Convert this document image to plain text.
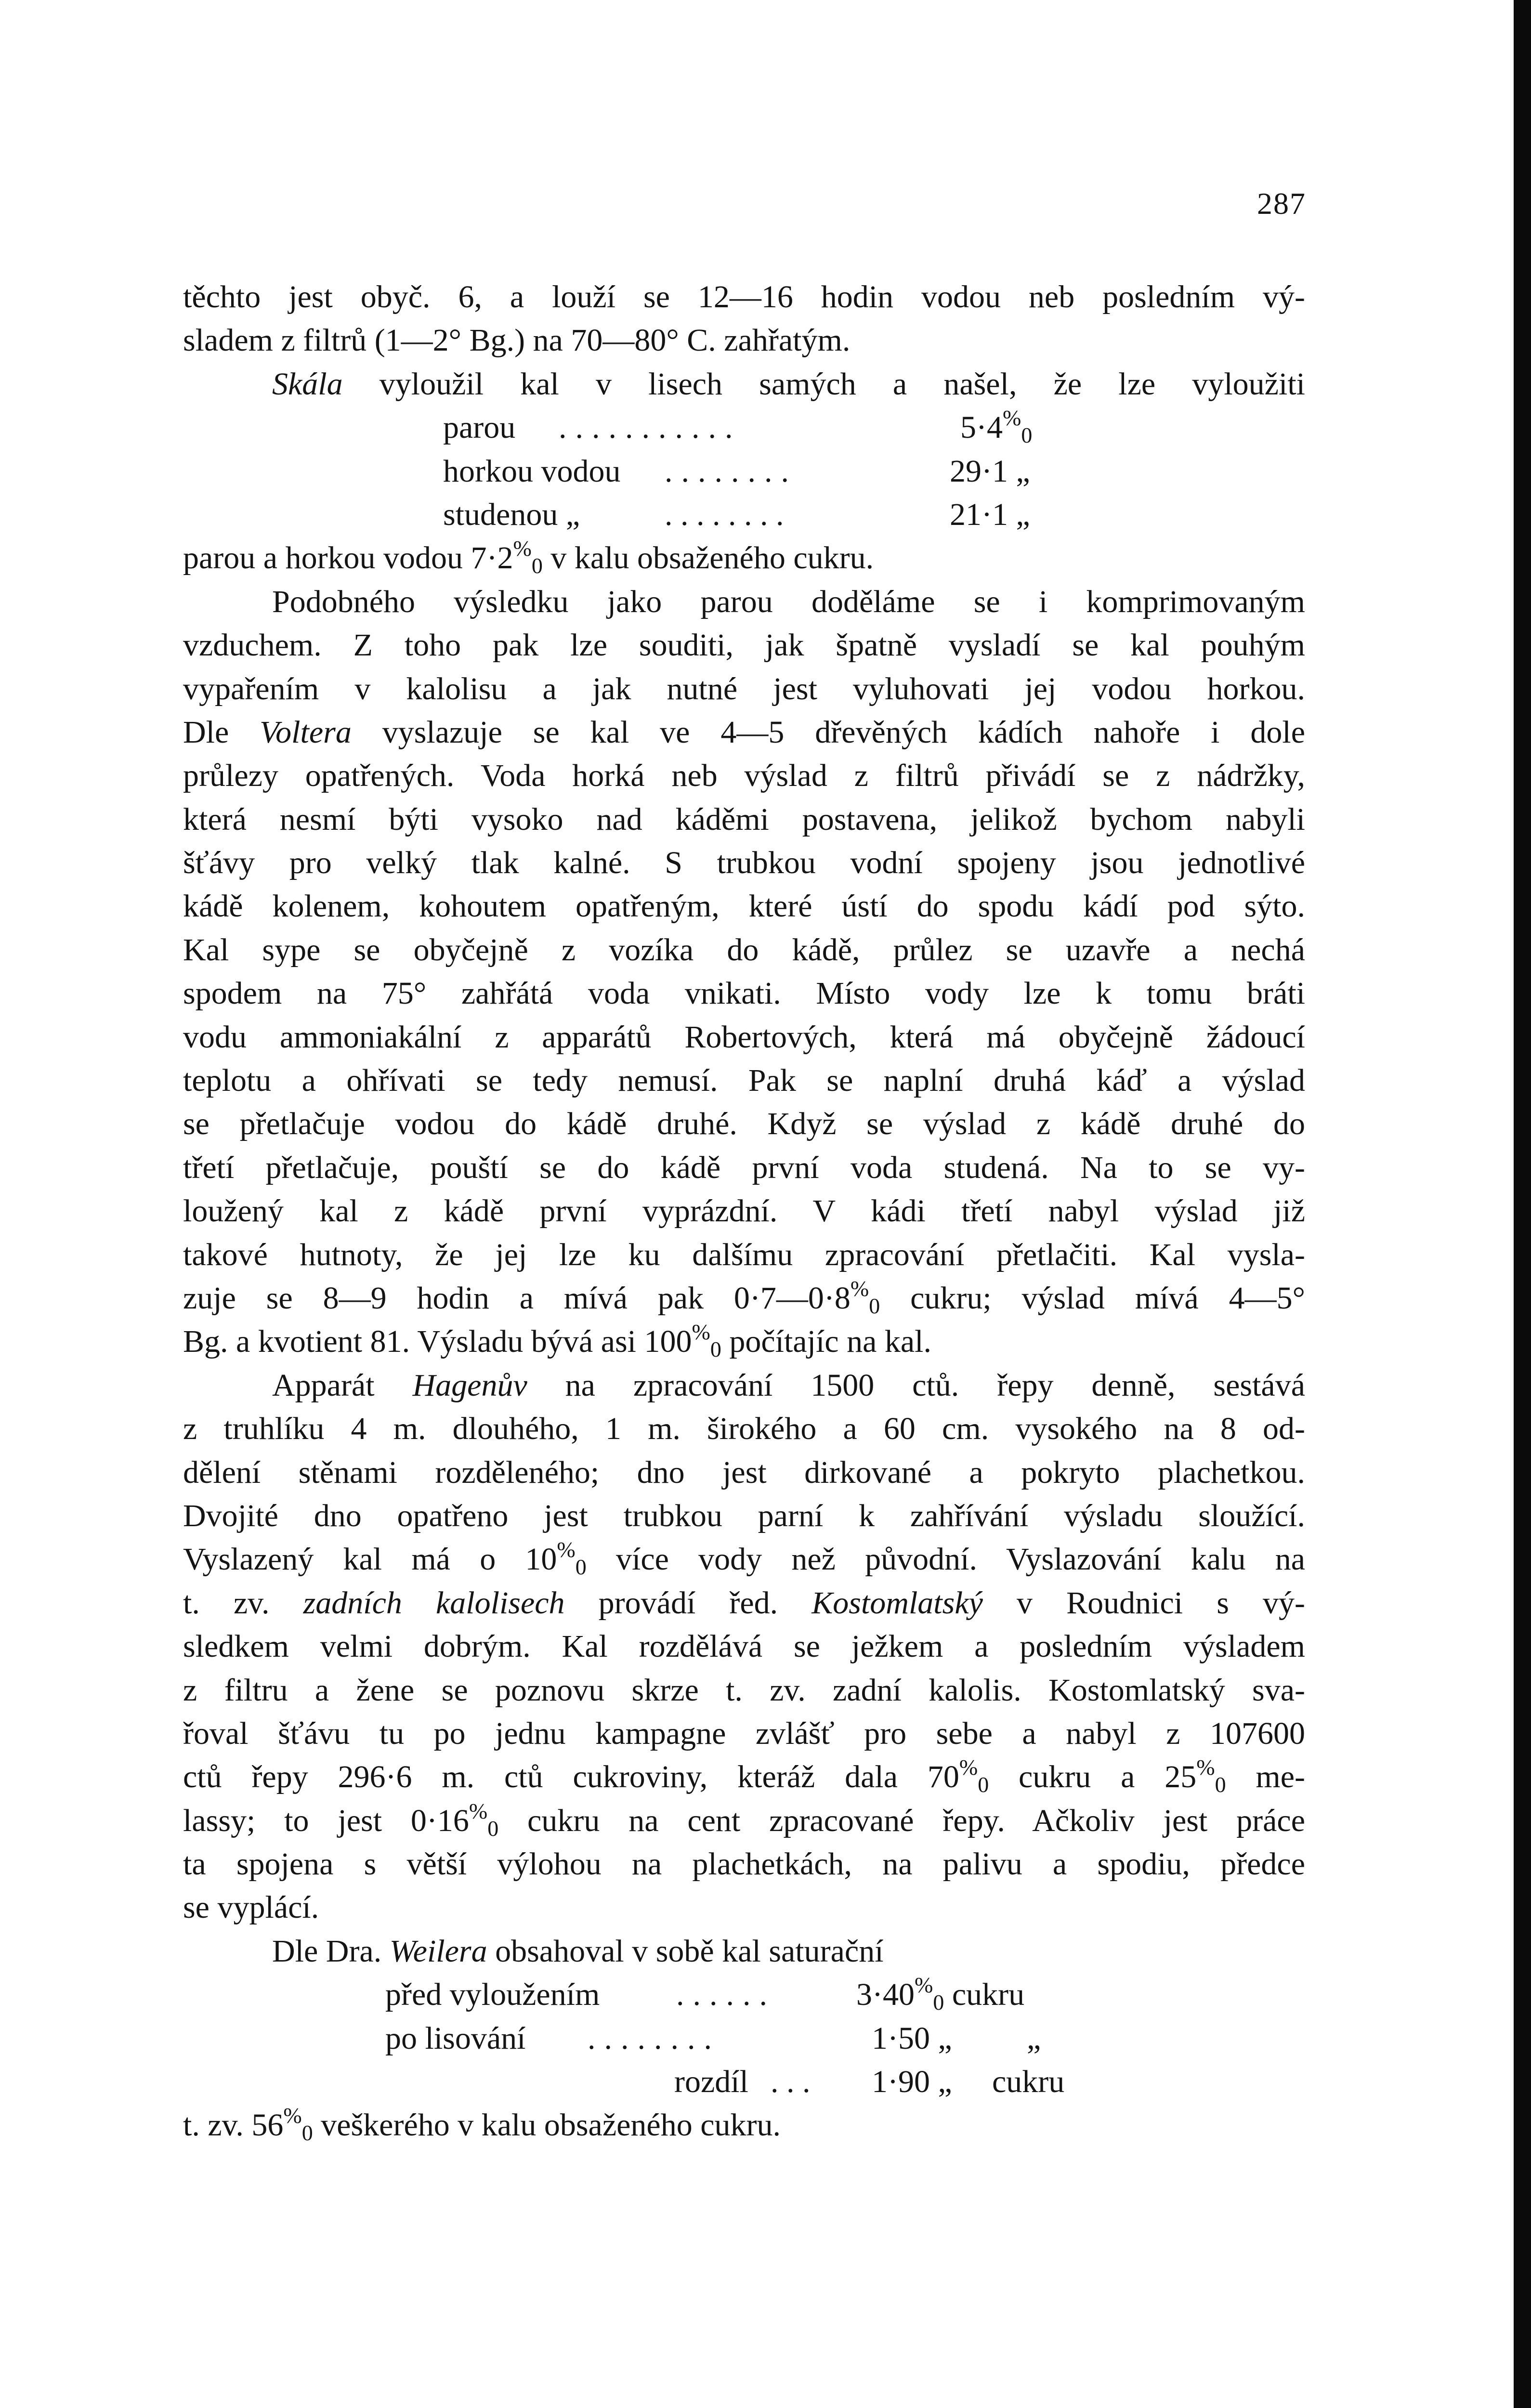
287
těchto jest obyč. 6, a louží se 12—16 hodin vodou neb posledním vý-
sladem z filtrů (1—2° Bg.) na 70—80° C. zahřatým.
Skála vyloužil kal v lisech samých a našel, že lze vyloužiti
parou ...........	$5\cdot 4^{\%}_0$
horkou vodou ........	29·1 „
studenou „	. . . . . . . .	21·1 „
parou a horkou vodou $7\cdot 2^{\%}_0$ v kalu obsaženého cukru.
Podobného výsledku jako parou doděláme se i komprimovaným
vzduchem. Z toho pak lze souditi, jak špatně vysladí se kal pouhým
vypařením v kalolisu a jak nutné jest vyluhovati jej vodou horkou.
Dle Voltera vyslazuje se kal ve 4—5 dřevěných kádích nahoře i dole
průlezy opatřených. Voda horká neb výslad z filtrů přivádí se z nádržky,
která nesmí býti vysoko nad káděmi postavena, jelikož bychom nabyli
šťávy pro velký tlak kalné. S trubkou vodní spojeny jsou jednotlivé
kádě kolenem, kohoutem opatřeným, které ústí do spodu kádí pod sýto.
Kal sype se obyčejně z vozíka do kádě, průlez se uzavře a nechá
spodem na 75° zahřátá voda vnikati. Místo vody lze k tomu bráti
vodu ammoniakální z apparátů Robertových, která má obyčejně žádoucí
teplotu a ohřívati se tedy nemusí. Pak se naplní druhá káď a výslad
se přetlačuje vodou do kádě druhé. Když se výslad z kádě druhé do
třetí přetlačuje, pouští se do kádě první voda studená. Na to se vy-
loužený kal z kádě první vyprázdní. V kádi třetí nabyl výslad již
takové hutnoty, že jej lze ku dalšímu zpracování přetlačiti. Kal vysla-
zuje se 8—9 hodin a mívá pak $0\cdot 7—0\cdot 8^{\%}_0$ cukru; výslad mívá 4—5°
Bg. a kvotient 81. Výsladu bývá asi $100^{\%}_0$ počítajíc na kal.
Apparát Hagenův na zpracování 1500 ctů. řepy denně, sestává
z truhlíku 4 m. dlouhého, 1 m. širokého a 60 cm. vysokého na 8 od-
dělení stěnami rozděleného; dno jest dirkované a pokryto plachetkou.
Dvojité dno opatřeno jest trubkou parní k zahřívání výsladu sloužící.
Vyslazený kal má o $10^{\%}_0$ více vody než původní. Vyslazování kalu na
t. zv. zadních kalolisech provádí řed. Kostomlatský v Roudnici s vý-
sledkem velmi dobrým. Kal rozdělává se ježkem a posledním výsladem
z filtru a žene se poznovu skrze t. zv. zadní kalolis. Kostomlatský sva-
řoval šťávu tu po jednu kampagne zvlášť pro sebe a nabyl z 107600
ctů řepy 296·6 m. ctů cukroviny, kteráž dala $70^{\%}_0$ cukru a $25^{\%}_0$ me-
lassy; to jest $0\cdot 16^{\%}_0$ cukru na cent zpracované řepy. Ačkoliv jest práce
ta spojena s větší výlohou na plachetkách, na palivu a spodiu, předce
se vyplácí.
Dle Dra. Weilera obsahoval v sobě kal saturační
před vyloužením ......	$3\cdot 40^{\%}_0$ cukru
po lisování ........	1·50 „	„
rozdíl . . . 1·90 „ cukru
t. zv. $56^{\%}_0$ veškerého v kalu obsaženého cukru.
